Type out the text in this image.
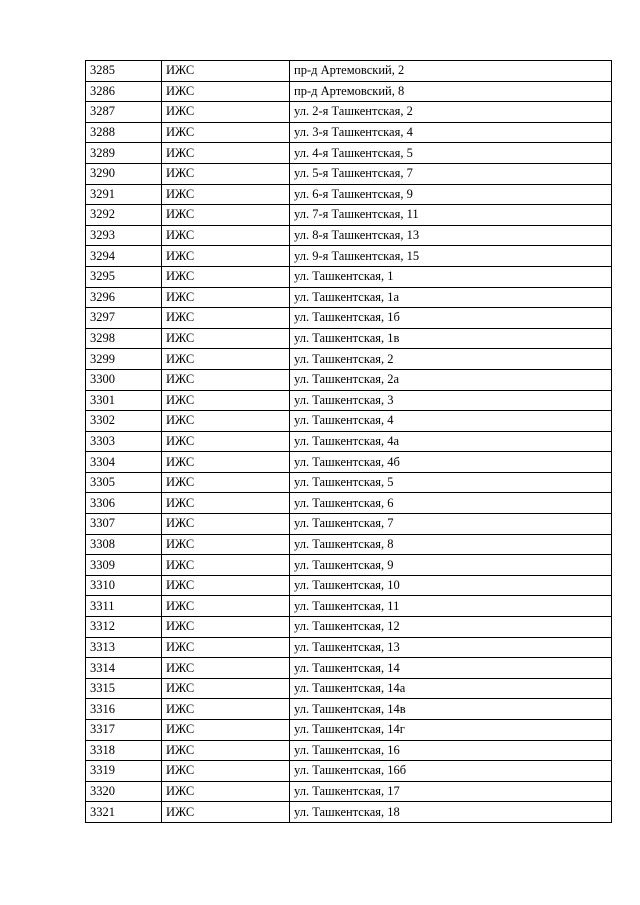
3285	ИЖС	пр-д Артемовский, 2
3286	ИЖС	пр-д Артемовский, 8
3287	ИЖС	ул. 2-я Ташкентская, 2
3288	ИЖС	ул. 3-я Ташкентская, 4
3289	ИЖС	ул. 4-я Ташкентская, 5
3290	ИЖС	ул. 5-я Ташкентская, 7
3291	ИЖС	ул. 6-я Ташкентская, 9
3292	ИЖС	ул. 7-я Ташкентская, 11
3293	ИЖС	ул. 8-я Ташкентская, 13
3294	ИЖС	ул. 9-я Ташкентская, 15
3295	ИЖС	ул. Ташкентская, 1
3296	ИЖС	ул. Ташкентская, 1а
3297	ИЖС	ул. Ташкентская, 1б
3298	ИЖС	ул. Ташкентская, 1в
3299	ИЖС	ул. Ташкентская, 2
3300	ИЖС	ул. Ташкентская, 2а
3301	ИЖС	ул. Ташкентская, 3
3302	ИЖС	ул. Ташкентская, 4
3303	ИЖС	ул. Ташкентская, 4а
3304	ИЖС	ул. Ташкентская, 4б
3305	ИЖС	ул. Ташкентская, 5
3306	ИЖС	ул. Ташкентская, 6
3307	ИЖС	ул. Ташкентская, 7
3308	ИЖС	ул. Ташкентская, 8
3309	ИЖС	ул. Ташкентская, 9
3310	ИЖС	ул. Ташкентская, 10
3311	ИЖС	ул. Ташкентская, 11
3312	ИЖС	ул. Ташкентская, 12
3313	ИЖС	ул. Ташкентская, 13
3314	ИЖС	ул. Ташкентская, 14
3315	ИЖС	ул. Ташкентская, 14а
3316	ИЖС	ул. Ташкентская, 14в
3317	ИЖС	ул. Ташкентская, 14г
3318	ИЖС	ул. Ташкентская, 16
3319	ИЖС	ул. Ташкентская, 16б
3320	ИЖС	ул. Ташкентская, 17
3321	ИЖС	ул. Ташкентская, 18
